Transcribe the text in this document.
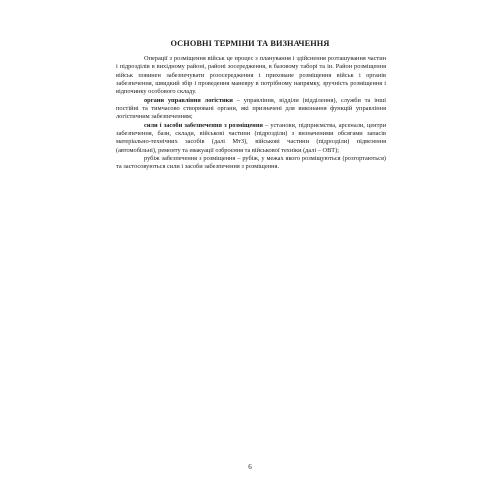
ОСНОВНІ ТЕРМІНИ ТА ВИЗНАЧЕННЯ

Операції з розміщення військ це процес з планування і здійснення розташування частин і підрозділів в вихідному районі, районі зосередження, в базовому таборі та ін. Район розміщення військ повинен забезпечувати розосередження і приховане розміщення військ і органів забезпечення, швидкий збір і проведення маневру в потрібному напрямку, зручність розміщення і відпочинку особового складу.

органи управління логістики – управління, відділи (відділення), служби та інші постійні та тимчасово створювані органи, які призначені для виконання функцій управління логістичним забезпеченням;

сили і засоби забезпечення з розміщення – установи, підприємства, арсенали, центри забезпечення, бази, склади, військові частини (підрозділи) з визначеними обсягами запасів матеріально-технічних засобів (далі МтЗ), військові частини (підрозділи) підвезення (автомобільні), ремонту та евакуації озброєння та військової техніки (далі – ОВТ);

рубіж забезпечення з розміщення – рубіж, у межах якого розміщуються (розгортаються) та застосовуються сили і засоби забезпечення з розміщення.

6
